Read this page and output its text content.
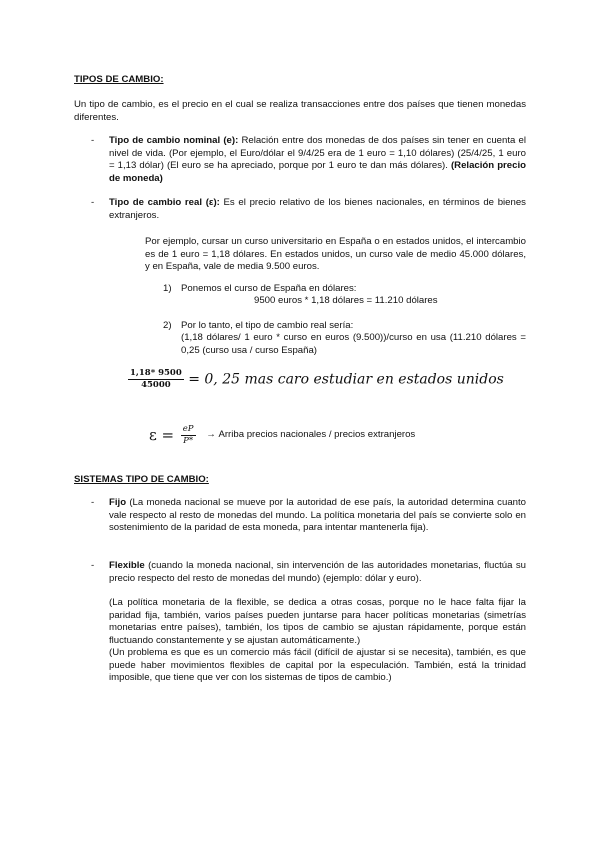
TIPOS DE CAMBIO:
Un tipo de cambio, es el precio en el cual se realiza transacciones entre dos países que tienen monedas diferentes.
-	Tipo de cambio nominal (e): Relación entre dos monedas de dos países sin tener en cuenta el nivel de vida. (Por ejemplo, el Euro/dólar el 9/4/25 era de 1 euro = 1,10 dólares) (25/4/25, 1 euro = 1,13 dólar) (El euro se ha apreciado, porque por 1 euro te dan más dólares). (Relación precio de moneda)
-	Tipo de cambio real (ε): Es el precio relativo de los bienes nacionales, en términos de bienes extranjeros.
Por ejemplo, cursar un curso universitario en España o en estados unidos, el intercambio es de 1 euro = 1,18 dólares. En estados unidos, un curso vale de medio 45.000 dólares, y en España, vale de media 9.500 euros.
1) Ponemos el curso de España en dólares:
9500 euros * 1,18 dólares = 11.210 dólares
2) Por lo tanto, el tipo de cambio real sería:
(1,18 dólares/ 1 euro * curso en euros (9.500))/curso en usa (11.210 dólares = 0,25 (curso usa / curso España)
$\frac{1,18* 9500}{45000} = 0$, 25 mas caro estudiar en estados unidos
$\varepsilon = \frac{eP}{P*}$ → Arriba precios nacionales / precios extranjeros
SISTEMAS TIPO DE CAMBIO:
-	Fijo (La moneda nacional se mueve por la autoridad de ese país, la autoridad determina cuanto vale respecto al resto de monedas del mundo. La política monetaria del país se convierte solo en sostenimiento de la paridad de esta moneda, para intentar mantenerla fija).
-	Flexible (cuando la moneda nacional, sin intervención de las autoridades monetarias, fluctúa su precio respecto del resto de monedas del mundo) (ejemplo: dólar y euro).
(La política monetaria de la flexible, se dedica a otras cosas, porque no le hace falta fijar la paridad fija, también, varios países pueden juntarse para hacer políticas monetarias (simetrías monetarias entre países), también, los tipos de cambio se ajustan rápidamente, porque están fluctuando constantemente y se ajustan automáticamente.)
(Un problema es que es un comercio más fácil (difícil de ajustar si se necesita), también, es que puede haber movimientos flexibles de capital por la especulación. También, está la trinidad imposible, que tiene que ver con los sistemas de tipos de cambio.)
